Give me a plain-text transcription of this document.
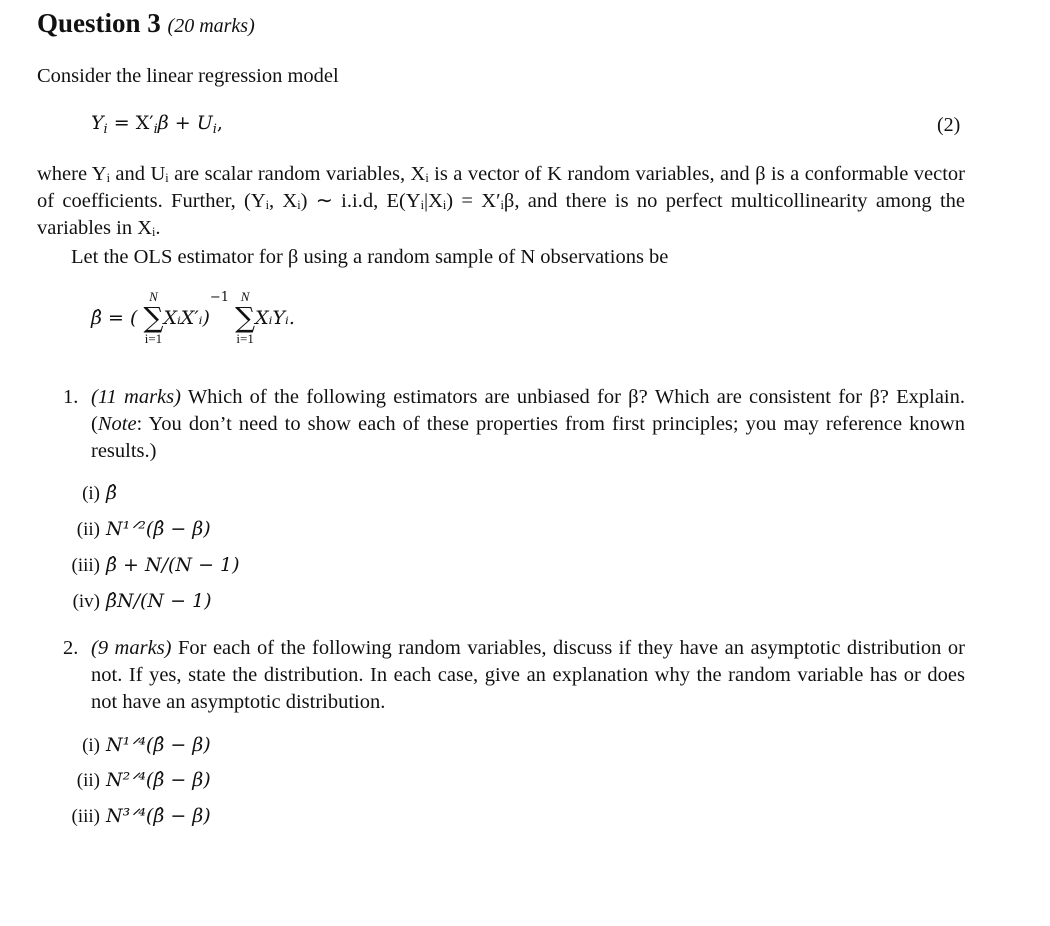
Question 3 (20 marks)
Consider the linear regression model
$Y_i = X'_i\beta + U_i$,	(2)
where Yᵢ and Uᵢ are scalar random variables, Xᵢ is a vector of K random variables, and β is a conformable vector of coefficients. Further, (Yᵢ, Xᵢ) ∼ i.i.d, E(Yᵢ|Xᵢ) = X′ᵢβ, and there is no perfect multicollinearity among the variables in Xᵢ.
Let the OLS estimator for β using a random sample of N observations be
β̂ = (
N
∑
i=1
XᵢX′ᵢ)$^{-1}$ N
∑
i=1
XᵢYᵢ.
1. (11 marks) Which of the following estimators are unbiased for β? Which are consistent for β? Explain. (Note: You don’t need to show each of these properties from first principles; you may reference known results.)
(i) β̂
(ii) N¹ᐟ²(β̂ − β)
(iii) β̂ + N/(N − 1)
(iv) β̂N/(N − 1)
2. (9 marks) For each of the following random variables, discuss if they have an asymptotic distribution or not. If yes, state the distribution. In each case, give an explanation why the random variable has or does not have an asymptotic distribution.
(i) N¹ᐟ⁴(β̂ − β)
(ii) N²ᐟ⁴(β̂ − β)
(iii) N³ᐟ⁴(β̂ − β)
